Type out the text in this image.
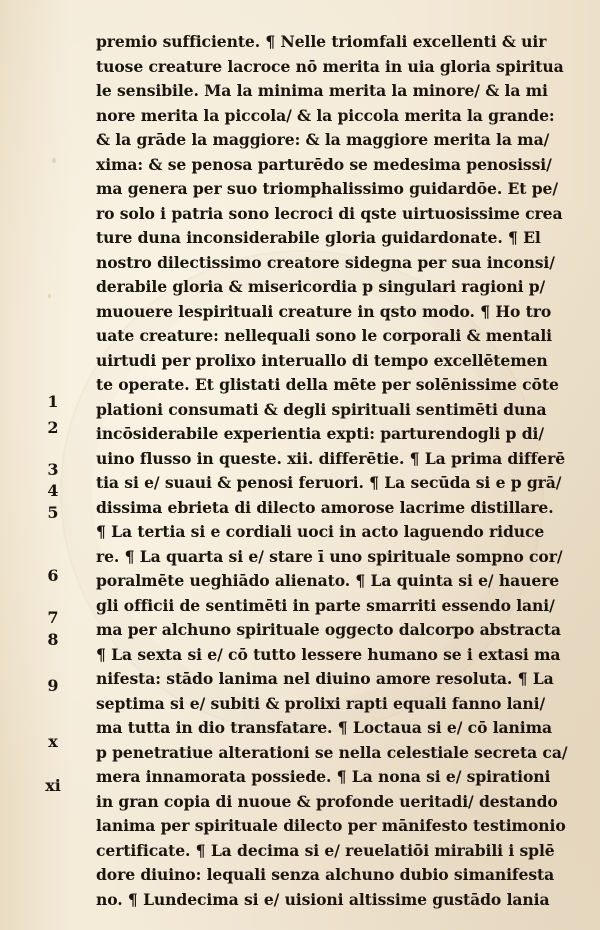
1
2
3
4
5
6
7
8
9
x
xi
premio sufficiente. ¶ Nelle triomfali excellenti & uir
tuose creature lacroce nō merita in uia gloria spiritua
le sensibile. Ma la minima merita la minore/ & la mi
nore merita la piccola/ & la piccola merita la grande:
& la grāde la maggiore: & la maggiore merita la ma/
xima: & se penosa parturēdo se medesima penosissi/
ma genera per suo triomphalissimo guidardōe. Et pe/
ro solo i patria sono lecroci di qste uirtuosissime crea
ture duna inconsiderabile gloria guidardonate. ¶ El
nostro dilectissimo creatore sidegna per sua inconsi/
derabile gloria & misericordia p singulari ragioni p/
muouere lespirituali creature in qsto modo. ¶ Ho tro
uate creature: nellequali sono le corporali & mentali
uirtudi per prolixo interuallo di tempo excellētemen
te operate. Et glistati della mēte per solēnissime cōte
plationi consumati & degli spirituali sentimēti duna
incōsiderabile experientia expti: parturendogli p di/
uino flusso in queste. xii. differētie. ¶ La prima differē
tia si e/ suaui & penosi feruori. ¶ La secūda si e p grā/
dissima ebrieta di dilecto amorose lacrime distillare.
¶ La tertia si e cordiali uoci in acto laguendo riduce
re. ¶ La quarta si e/ stare ī uno spirituale sompno cor/
poralmēte ueghiādo alienato. ¶ La quinta si e/ hauere
gli officii de sentimēti in parte smarriti essendo lani/
ma per alchuno spirituale oggecto dalcorpo abstracta
¶ La sexta si e/ cō tutto lessere humano se i extasi ma
nifesta: stādo lanima nel diuino amore resoluta. ¶ La
septima si e/ subiti & prolixi rapti equali fanno lani/
ma tutta in dio transfatare. ¶ Loctaua si e/ cō lanima
p penetratiue alterationi se nella celestiale secreta ca/
mera innamorata possiede. ¶ La nona si e/ spirationi
in gran copia di nuoue & profonde ueritadi/ destando
lanima per spirituale dilecto per mānifesto testimonio
certificate. ¶ La decima si e/ reuelatiōi mirabili i splē
dore diuino: lequali senza alchuno dubio simanifesta
no. ¶ Lundecima si e/ uisioni altissime gustādo lania
